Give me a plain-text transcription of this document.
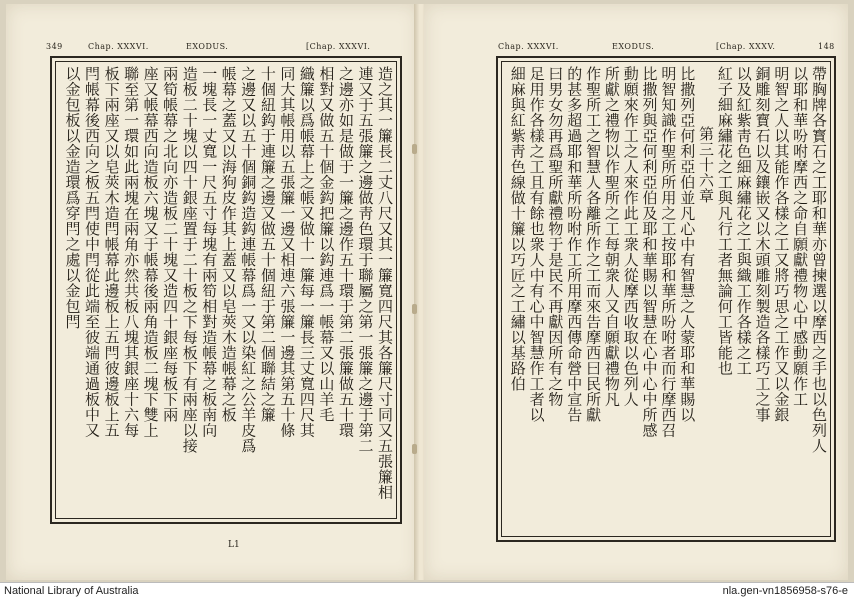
349	Chap. XXXVI.	EXODUS.	[Chap. XXXVI.
造之其一簾長二丈八尺又其一簾寬四尺其各簾尺寸同又五張簾相
連又于五張簾之邊做靑色環于聯屬之第一張簾之邊于第二
之邊亦如是做于一簾之邊作五十環于第二張簾做五十環
相對又做五十個金鈎把簾以鈎連爲一帳幕又以山羊毛
織簾以爲帳幕上之帳又做十一簾每一簾長三丈寬四尺其
同大其帳用以五張簾一邊又相連六張簾一邊其第五十條
十個紐鈎于連簾之邊又做五十個紐于第二個聯結之簾
之邊又以五十個銅鈎造鈎連帳幕爲一又以染紅之公羊皮爲
帳幕之蓋又以海狗皮作其上蓋又以皂莢木造帳幕之板
一塊長一丈寬一尺五寸每塊有兩筍相對造帳幕之板南向
造板二十塊以四十銀座置于二十板之下每板下有兩座以接
兩筍帳幕之北向亦造板二十塊又造四十銀座每板下兩
座又帳幕西向造板六塊又于帳幕後兩角造板二塊下雙上
聯至第一環如此兩塊在兩角亦然共板八塊其銀座十六每
板下兩座又以皂莢木造閂帳幕此邊板上五閂彼邊板上五
閂帳幕後西向之板五閂使中閂從此端至彼端通過板中又
以金包板以金造環爲穿閂之處以金包閂
L1
Chap. XXXVI.	EXODUS.	[Chap. XXXV.	148
帶胸牌各寳石之工耶和華亦曾揀選以摩西之手也以色列人
以耶和華吩咐摩西之命自願獻禮物心中感動願作工
明智之人以其能作各樣之工又將巧思之工作又以金銀
銅雕刻寳石以及鑲嵌又以木頭雕刻製造各樣巧工之事
以及紅紫靑色細麻繡花之工與織工作各樣之工
紅子細麻繡花之工與凡行工者無論何工皆能也
第三十六章
比撒列亞何利亞伯並凡心中有智慧之人蒙耶和華賜以
明智知識作聖所所用之工按耶和華所吩咐者而行摩西召
比撒列與亞何利亞伯及耶和華賜以智慧在心中心中所感
動願來作工之人來作此工衆人從摩西收取以色列人
所獻之禮物以作聖所之工每朝衆人又自願獻禮物凡
作聖所工之智慧人各離所作之工而來告摩西曰民所獻
的甚多超過耶和華所吩咐作工所用摩西傳命營中宣告
曰男女勿再爲聖所獻禮物于是民不再獻因所有之物
足用作各樣之工且有餘也衆人中有心中智慧作工者以
細麻與紅紫靑色線做十簾以巧匠之工繡以基路伯
National Library of Australia	nla.gen-vn1856958-s76-e
